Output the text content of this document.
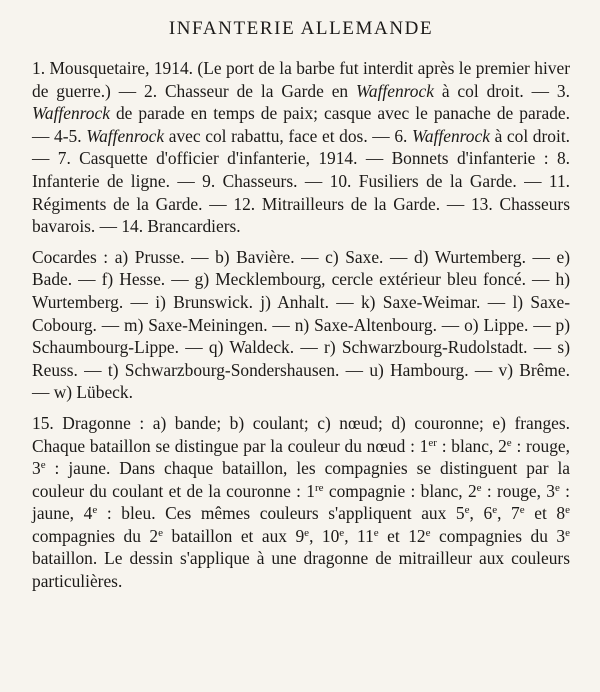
INFANTERIE ALLEMANDE

1. Mousquetaire, 1914. (Le port de la barbe fut interdit après le premier hiver de guerre.) — 2. Chasseur de la Garde en Waffenrock à col droit. — 3. Waffenrock de parade en temps de paix; casque avec le panache de parade. — 4-5. Waffenrock avec col rabattu, face et dos. — 6. Waffenrock à col droit. — 7. Casquette d'officier d'infanterie, 1914. — Bonnets d'infanterie : 8. Infanterie de ligne. — 9. Chasseurs. — 10. Fusiliers de la Garde. — 11. Régiments de la Garde. — 12. Mitrailleurs de la Garde. — 13. Chasseurs bavarois. — 14. Brancardiers.

Cocardes : a) Prusse. — b) Bavière. — c) Saxe. — d) Wurtemberg. — e) Bade. — f) Hesse. — g) Mecklembourg, cercle extérieur bleu foncé. — h) Wurtemberg. — i) Brunswick. j) Anhalt. — k) Saxe-Weimar. — l) Saxe-Cobourg. — m) Saxe-Meiningen. — n) Saxe-Altenbourg. — o) Lippe. — p) Schaumbourg-Lippe. — q) Waldeck. — r) Schwarzbourg-Rudolstadt. — s) Reuss. — t) Schwarzbourg-Sondershausen. — u) Hambourg. — v) Brême. — w) Lübeck.

15. Dragonne : a) bande; b) coulant; c) nœud; d) couronne; e) franges. Chaque bataillon se distingue par la couleur du nœud : 1er : blanc, 2e : rouge, 3e : jaune. Dans chaque bataillon, les compagnies se distinguent par la couleur du coulant et de la couronne : 1re compagnie : blanc, 2e : rouge, 3e : jaune, 4e : bleu. Ces mêmes couleurs s'appliquent aux 5e, 6e, 7e et 8e compagnies du 2e bataillon et aux 9e, 10e, 11e et 12e compagnies du 3e bataillon. Le dessin s'applique à une dragonne de mitrailleur aux couleurs particulières.
